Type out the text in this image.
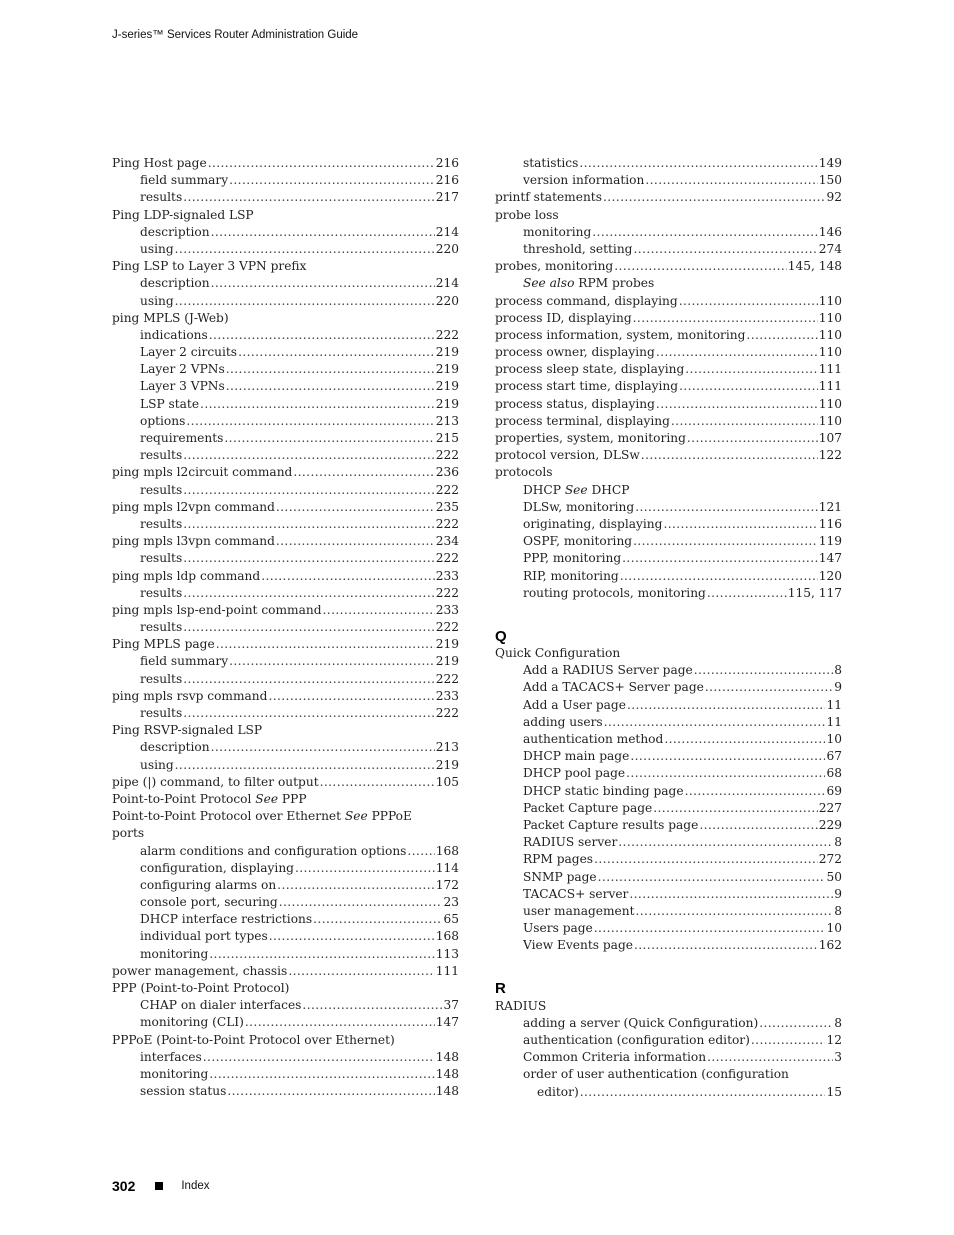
J-series™ Services Router Administration Guide
Ping Host page .....	216
field summary .....	216
results .....	217
Ping LDP-signaled LSP
description .....	214
using .....	220
Ping LSP to Layer 3 VPN prefix
description .....	214
using .....	220
ping MPLS (J-Web)
indications .....	222
Layer 2 circuits .....	219
Layer 2 VPNs .....	219
Layer 3 VPNs .....	219
LSP state .....	219
options .....	213
requirements .....	215
results .....	222
ping mpls l2circuit command .....	236
results .....	222
ping mpls l2vpn command .....	235
results .....	222
ping mpls l3vpn command .....	234
results .....	222
ping mpls ldp command .....	233
results .....	222
ping mpls lsp-end-point command .....	233
results .....	222
Ping MPLS page .....	219
field summary .....	219
results .....	222
ping mpls rsvp command .....	233
results .....	222
Ping RSVP-signaled LSP
description .....	213
using .....	219
pipe (|) command, to filter output .....	105
Point-to-Point Protocol See PPP
Point-to-Point Protocol over Ethernet See PPPoE
ports
alarm conditions and configuration options ..... 168
configuration, displaying .....	114
configuring alarms on .....	172
console port, securing .....	23
DHCP interface restrictions .....	65
individual port types .....	168
monitoring .....	113
power management, chassis .....	111
PPP (Point-to-Point Protocol)
CHAP on dialer interfaces .....	37
monitoring (CLI) .....	147
PPPoE (Point-to-Point Protocol over Ethernet)
interfaces .....	148
monitoring .....	148
session status .....	148
statistics .....	149
version information .....	150
printf statements .....	92
probe loss
monitoring .....	146
threshold, setting .....	274
probes, monitoring .....	145, 148
See also RPM probes
process command, displaying .....	110
process ID, displaying .....	110
process information, system, monitoring .....	110
process owner, displaying .....	110
process sleep state, displaying .....	111
process start time, displaying .....	111
process status, displaying .....	110
process terminal, displaying .....	110
properties, system, monitoring .....	107
protocol version, DLSw .....	122
protocols
DHCP See DHCP
DLSw, monitoring .....	121
originating, displaying .....	116
OSPF, monitoring .....	119
PPP, monitoring .....	147
RIP, monitoring .....	120
routing protocols, monitoring .....	115, 117
Q
Quick Configuration
Add a RADIUS Server page .....	8
Add a TACACS+ Server page .....	9
Add a User page .....	11
adding users .....	11
authentication method .....	10
DHCP main page .....	67
DHCP pool page .....	68
DHCP static binding page .....	69
Packet Capture page .....	227
Packet Capture results page .....	229
RADIUS server .....	8
RPM pages .....	272
SNMP page .....	50
TACACS+ server .....	9
user management .....	8
Users page .....	10
View Events page .....	162
R
RADIUS
adding a server (Quick Configuration) .....	8
authentication (configuration editor) .....	12
Common Criteria information .....	3
order of user authentication (configuration
editor) .....	15
302	Index
